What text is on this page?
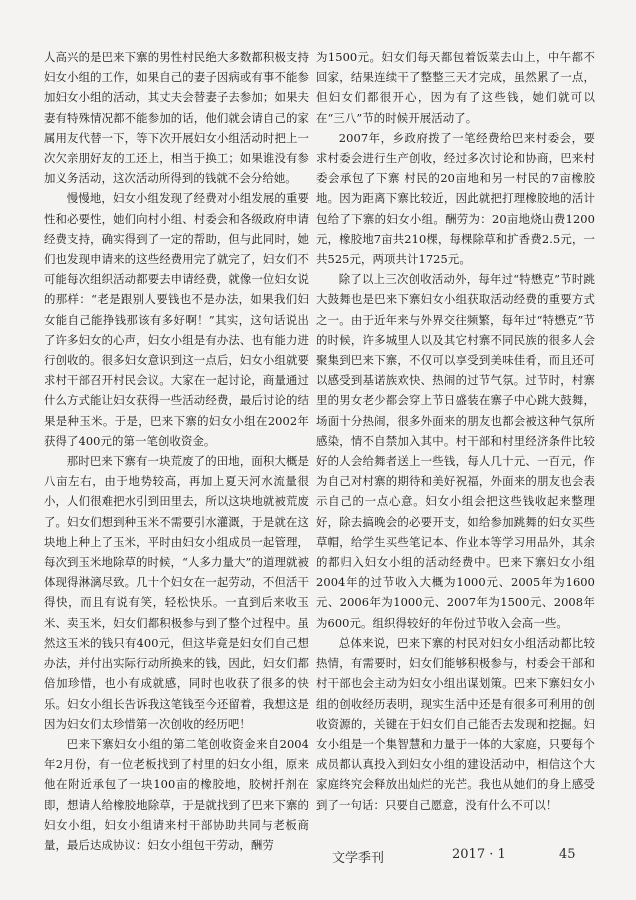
人高兴的是巴来下寨的男性村民绝大多数都积极支持妇女小组的工作，如果自己的妻子因病或有事不能参加妇女小组的活动，其丈夫会替妻子去参加；如果夫妻有特殊情况都不能参加的话，他们就会请自己的家属用友代替一下，等下次开展妇女小组活动时把上一次欠亲朋好友的工还上，相当于换工；如果谁没有参加义务活动，这次活动所得到的钱就不会分给她。

慢慢地，妇女小组发现了经费对小组发展的重要性和必要性，她们向村小组、村委会和各级政府申请经费支持，确实得到了一定的帮助，但与此同时，她们也发现申请来的这些经费用完了就完了，妇女们不可能每次组织活动都要去申请经费，就像一位妇女说的那样：“老是跟别人要钱也不是办法，如果我们妇女能自己能挣钱那该有多好啊！”其实，这句话说出了许多妇女的心声，妇女小组是有办法、也有能力进行创收的。很多妇女意识到这一点后，妇女小组就要求村干部召开村民会议。大家在一起讨论，商量通过什么方式能让妇女获得一些活动经费，最后讨论的结果是种玉米。于是，巴来下寨的妇女小组在2002年获得了400元的第一笔创收资金。

那时巴来下寨有一块荒废了的田地，面积大概是八亩左右，由于地势较高，再加上夏天河水流量很小，人们很难把水引到田里去，所以这块地就被荒废了。妇女们想到种玉米不需要引水灌溉，于是就在这块地上种上了玉米，平时由妇女小组成员一起管理，每次到玉米地除草的时候，“人多力量大”的道理就被体现得淋漓尽致。几十个妇女在一起劳动，不但活干得快，而且有说有笑，轻松快乐。一直到后来收玉米、卖玉米，妇女们都积极参与到了整个过程中。虽然这玉米的钱只有400元，但这毕竟是妇女们自己想办法，并付出实际行动所换来的钱，因此，妇女们都倍加珍惜，也小有成就感，同时也收获了很多的快乐。妇女小组长告诉我这笔钱至今还留着，我想这是因为妇女们太珍惜第一次创收的经历吧！

巴来下寨妇女小组的第二笔创收资金来自2004年2月份，有一位老板找到了村里的妇女小组，原来他在附近承包了一块100亩的橡胶地，胶树扦剂在即，想请人给橡胶地除草，于是就找到了巴来下寨的妇女小组，妇女小组请来村干部协助共同与老板商量，最后达成协议：妇女小组包干劳动，酬劳

为1500元。妇女们每天都包着饭菜去山上，中午都不回家，结果连续干了整整三天才完成，虽然累了一点，但妇女们都很开心，因为有了这些钱，她们就可以在“三八”节的时候开展活动了。

2007年，乡政府拨了一笔经费给巴来村委会，要求村委会进行生产创收，经过多次讨论和协商，巴来村委会承包了下寨 村民的20亩地和另一村民的7亩橡胶地。因为距离下寨比较近，因此就把打理橡胶地的活计包给了下寨的妇女小组。酬劳为：20亩地烧山费1200元，橡胶地7亩共210棵，每棵除草和扩香费2.5元，一共525元，两项共计1725元。

除了以上三次创收活动外，每年过“特懋克”节时跳大鼓舞也是巴来下寨妇女小组获取活动经费的重要方式之一。由于近年来与外界交往频繁，每年过“特懋克”节的时候，许多城里人以及其它村寨不同民族的很多人会聚集到巴来下寨，不仅可以享受到美味佳肴，而且还可以感受到基诺族欢快、热闹的过节气氛。过节时，村寨里的男女老少都会穿上节日盛装在寨子中心跳大鼓舞，场面十分热闹，很多外面来的朋友也都会被这种气氛所感染，情不自禁加入其中。村干部和村里经济条件比较好的人会给舞者送上一些钱，每人几十元、一百元，作为自己对村寨的期待和美好祝福，外面来的朋友也会表示自己的一点心意。妇女小组会把这些钱收起来整理好，除去搞晚会的必要开支，如给参加跳舞的妇女买些草帽，给学生买些笔记本、作业本等学习用品外，其余的都归入妇女小组的活动经费中。巴来下寨妇女小组2004年的过节收入大概为1000元、2005年为1600元、2006年为1000元、2007年为1500元、2008年为600元。组织得较好的年份过节收入会高一些。

总体来说，巴来下寨的村民对妇女小组活动都比较热情，有需要时，妇女们能够积极参与，村委会干部和村干部也会主动为妇女小组出谋划策。巴来下寨妇女小组的创收经历表明，现实生活中还是有很多可利用的创收资源的，关键在于妇女们自己能否去发现和挖掘。妇女小组是一个集智慧和力量于一体的大家庭，只要每个成员都认真投入到妇女小组的建设活动中，相信这个大家庭终究会释放出灿烂的光芒。我也从她们的身上感受到了一句话：只要自己愿意，没有什么不可以！

文学季刊	2017 · 1	45
